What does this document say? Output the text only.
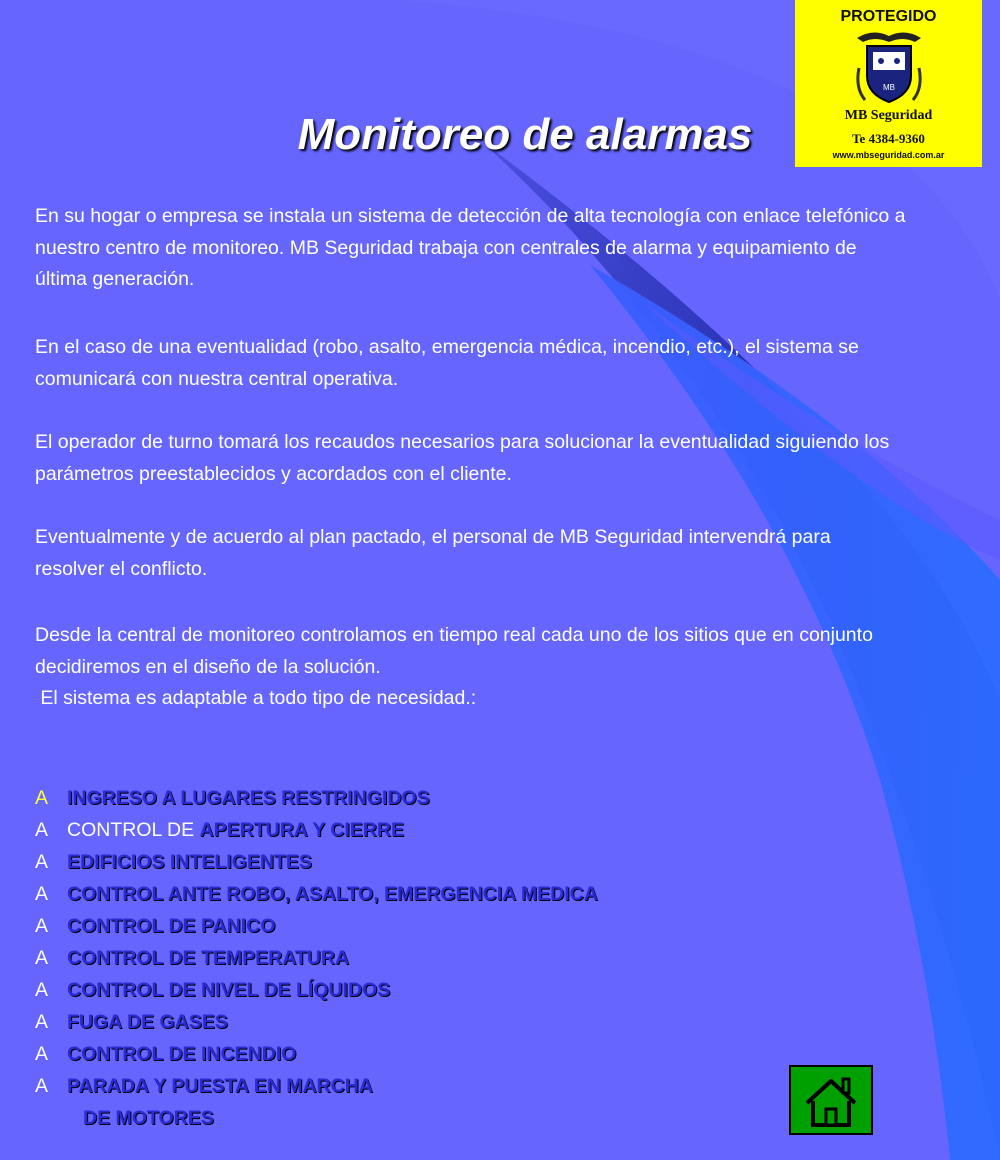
PROTEGIDO
MB
MB Seguridad
Te 4384-9360
www.mbseguridad.com.ar
Monitoreo de alarmas

En su hogar o empresa se instala un sistema de detección de alta tecnología con enlace telefónico a
nuestro centro de monitoreo. MB Seguridad trabaja con centrales de alarma y equipamiento de
última generación.

En el caso de una eventualidad (robo, asalto, emergencia médica, incendio, etc.), el sistema se
comunicará con nuestra central operativa.

El operador de turno tomará los recaudos necesarios para solucionar la eventualidad siguiendo los
parámetros preestablecidos y acordados con el cliente.

Eventualmente y de acuerdo al plan pactado, el personal de MB Seguridad intervendrá para
resolver el conflicto.

Desde la central de monitoreo controlamos en tiempo real cada uno de los sitios que en conjunto
decidiremos en el diseño de la solución.
El sistema es adaptable a todo tipo de necesidad.:

A INGRESO A LUGARES RESTRINGIDOS
A CONTROL DE APERTURA Y CIERRE
A EDIFICIOS INTELIGENTES
A CONTROL ANTE ROBO, ASALTO, EMERGENCIA MEDICA
A CONTROL DE PANICO
A CONTROL DE TEMPERATURA
A CONTROL DE NIVEL DE LÍQUIDOS
A FUGA DE GASES
A CONTROL DE INCENDIO
A PARADA Y PUESTA EN MARCHA
DE MOTORES
